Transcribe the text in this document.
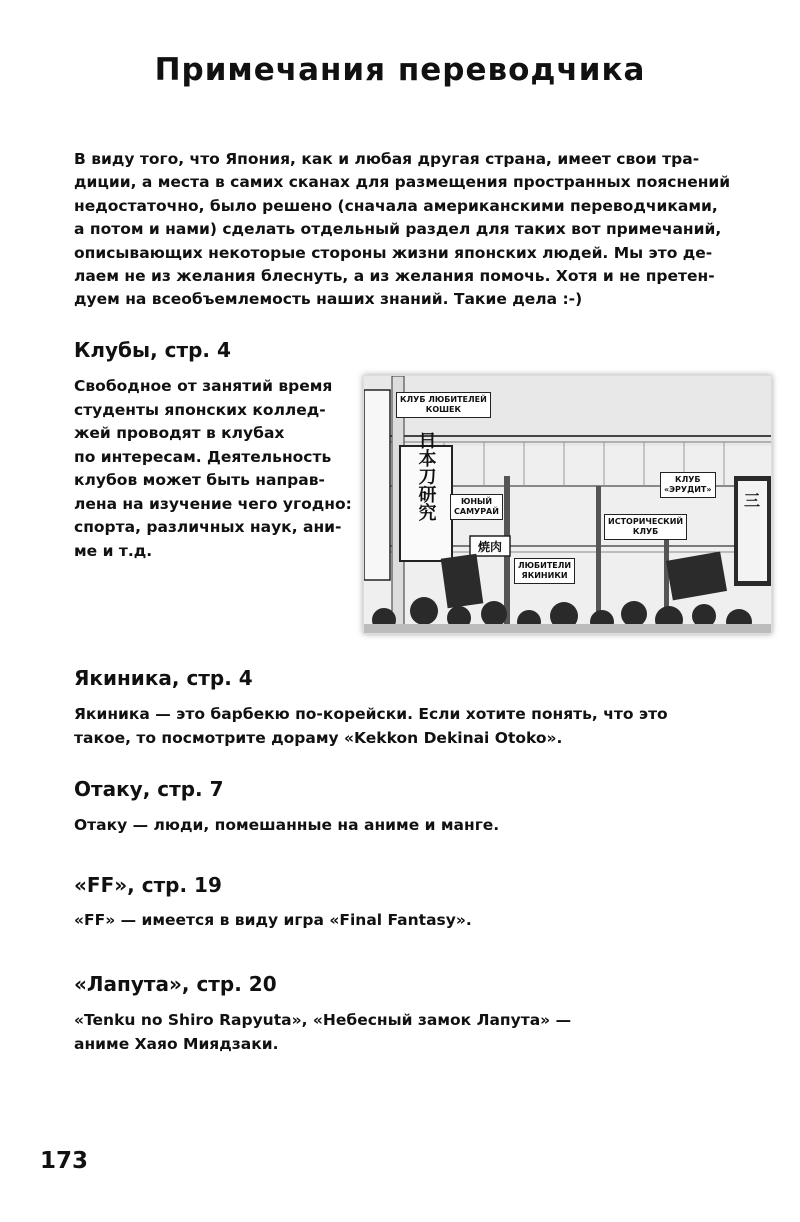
Примечания переводчика
В виду того, что Япония, как и любая другая страна, имеет свои тра-
диции, а места в самих сканах для размещения пространных пояснений
недостаточно, было решено (сначала американскими переводчиками,
а потом и нами) сделать отдельный раздел для таких вот примечаний,
описывающих некоторые стороны жизни японских людей. Мы это де-
лаем не из желания блеснуть, а из желания помочь. Хотя и не претен-
дуем на всеобъемлемость наших знаний. Такие дела :-)
Клубы, стр. 4
Свободное от занятий время
студенты японских коллед-
жей проводят в клубах
по интересам. Деятельность
клубов может быть направ-
лена на изучение чего угодно:
спорта, различных наук, ани-
ме и т.д.
日本刀研究
焼肉
三
КЛУБ ЛЮБИТЕЛЕЙ
КОШЕК
ЮНЫЙ
САМУРАЙ
КЛУБ
«ЭРУДИТ»
ИСТОРИЧЕСКИЙ
КЛУБ
ЛЮБИТЕЛИ
ЯКИНИКИ
Якиника, стр. 4
Якиника — это барбекю по-корейски. Если хотите понять, что это
такое, то посмотрите дораму «Kekkon Dekinai Otoko».
Отаку, стр. 7
Отаку — люди, помешанные на аниме и манге.
«FF», стр. 19
«FF» — имеется в виду игра «Final Fantasy».
«Лапута», стр. 20
«Tenku no Shiro Rapyuta», «Небесный замок Лапута» —
аниме Хаяо Миядзаки.
173
